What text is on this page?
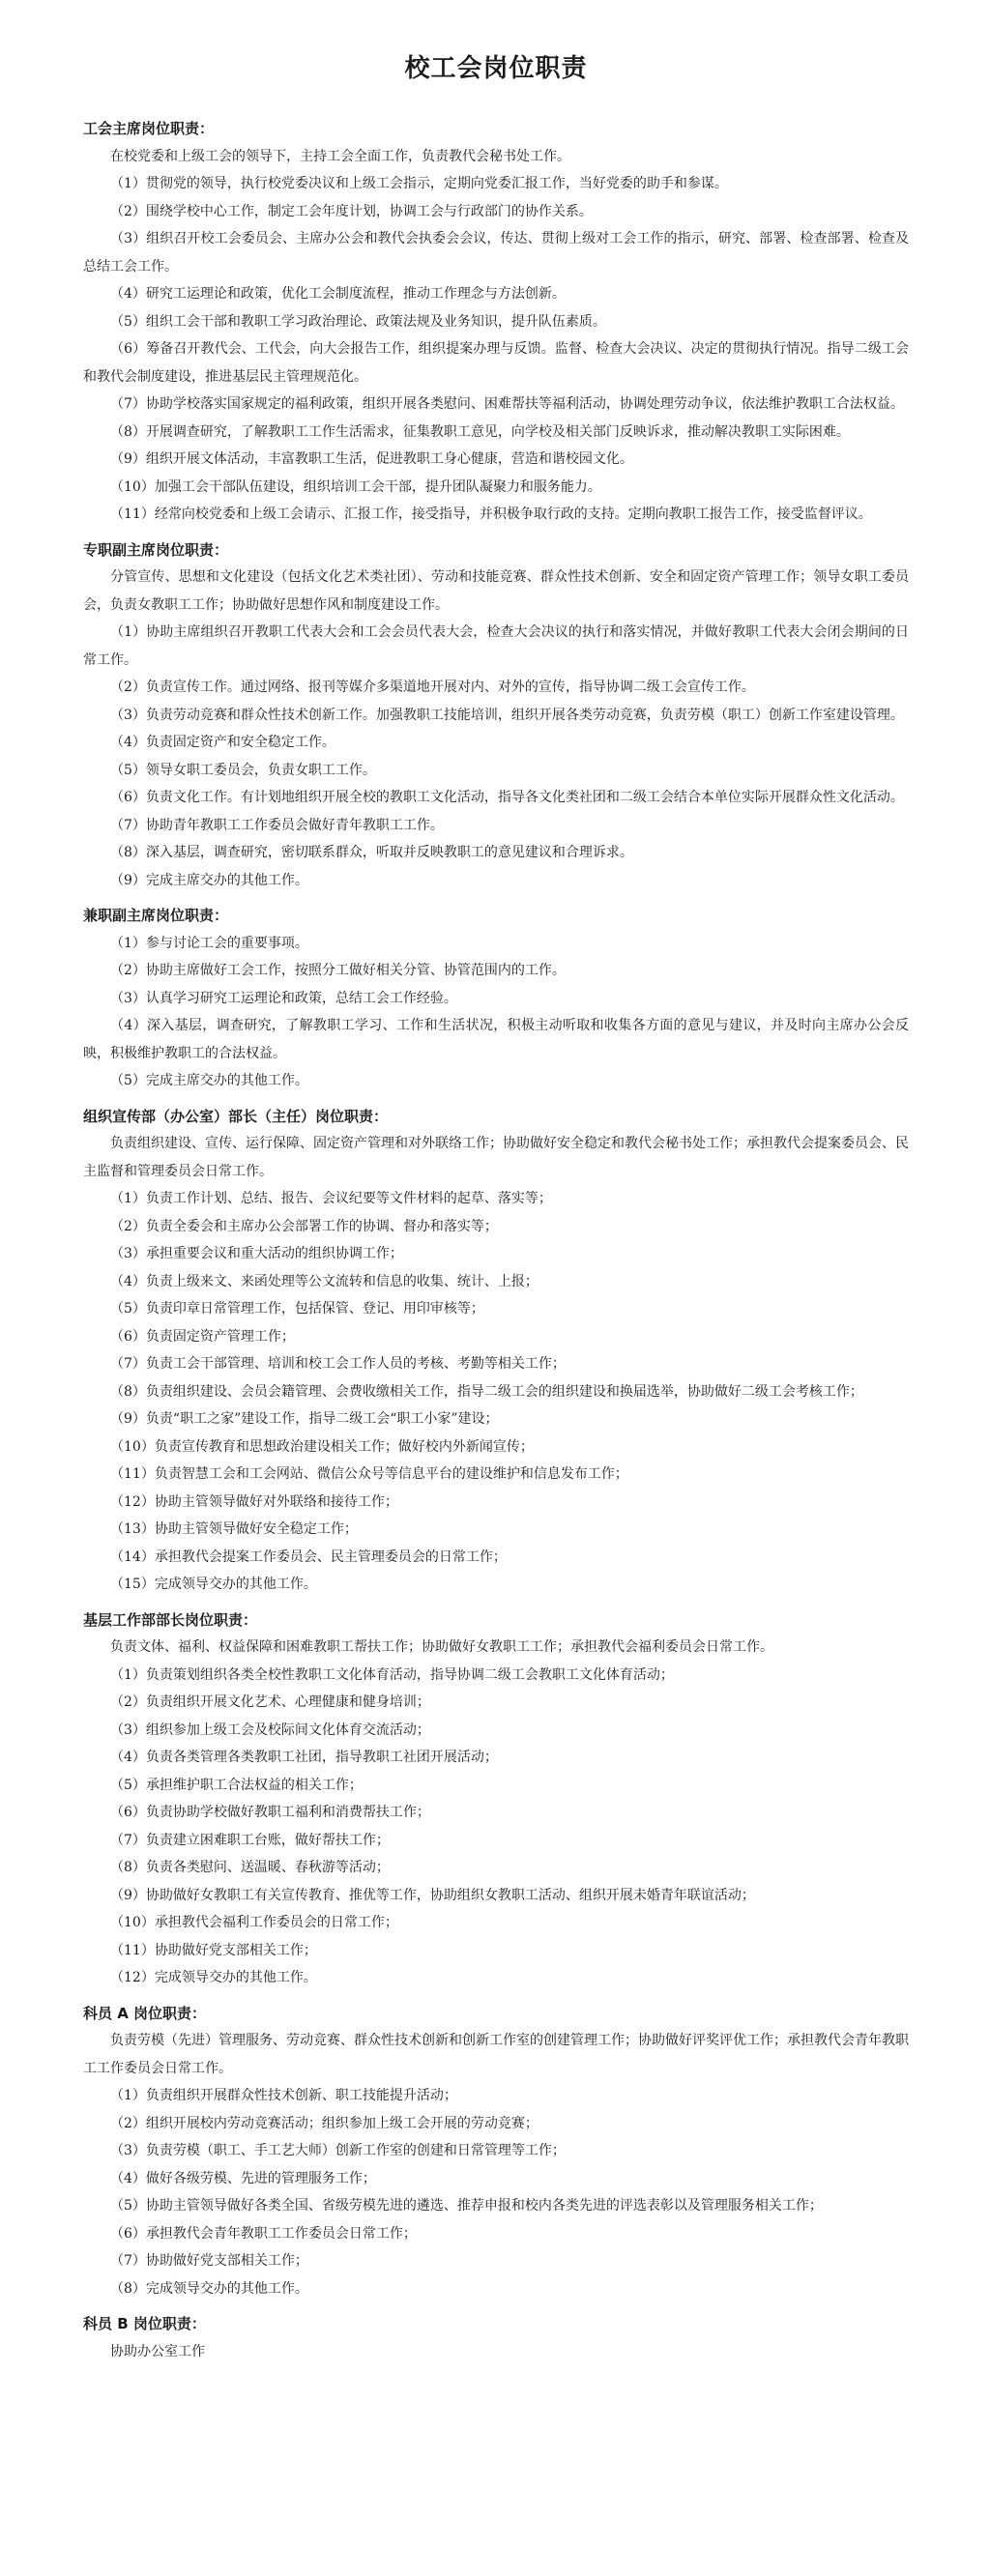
校工会岗位职责
工会主席岗位职责：

在校党委和上级工会的领导下，主持工会全面工作，负责教代会秘书处工作。

（1）贯彻党的领导，执行校党委决议和上级工会指示，定期向党委汇报工作，当好党委的助手和参谋。

（2）围绕学校中心工作，制定工会年度计划，协调工会与行政部门的协作关系。

（3）组织召开校工会委员会、主席办公会和教代会执委会会议，传达、贯彻上级对工会工作的指示，研究、部署、检查部署、检查及总结工会工作。

（4）研究工运理论和政策，优化工会制度流程，推动工作理念与方法创新。

（5）组织工会干部和教职工学习政治理论、政策法规及业务知识，提升队伍素质。

（6）筹备召开教代会、工代会，向大会报告工作，组织提案办理与反馈。监督、检查大会决议、决定的贯彻执行情况。指导二级工会和教代会制度建设，推进基层民主管理规范化。

（7）协助学校落实国家规定的福利政策，组织开展各类慰问、困难帮扶等福利活动，协调处理劳动争议，依法维护教职工合法权益。

（8）开展调查研究，了解教职工工作生活需求，征集教职工意见，向学校及相关部门反映诉求，推动解决教职工实际困难。

（9）组织开展文体活动，丰富教职工生活，促进教职工身心健康，营造和谐校园文化。

（10）加强工会干部队伍建设，组织培训工会干部，提升团队凝聚力和服务能力。

（11）经常向校党委和上级工会请示、汇报工作，接受指导，并积极争取行政的支持。定期向教职工报告工作，接受监督评议。

专职副主席岗位职责：

分管宣传、思想和文化建设（包括文化艺术类社团）、劳动和技能竞赛、群众性技术创新、安全和固定资产管理工作；领导女职工委员会，负责女教职工工作；协助做好思想作风和制度建设工作。

（1）协助主席组织召开教职工代表大会和工会会员代表大会，检查大会决议的执行和落实情况，并做好教职工代表大会闭会期间的日常工作。

（2）负责宣传工作。通过网络、报刊等媒介多渠道地开展对内、对外的宣传，指导协调二级工会宣传工作。

（3）负责劳动竞赛和群众性技术创新工作。加强教职工技能培训，组织开展各类劳动竞赛，负责劳模（职工）创新工作室建设管理。

（4）负责固定资产和安全稳定工作。

（5）领导女职工委员会，负责女职工工作。

（6）负责文化工作。有计划地组织开展全校的教职工文化活动，指导各文化类社团和二级工会结合本单位实际开展群众性文化活动。

（7）协助青年教职工工作委员会做好青年教职工工作。

（8）深入基层，调查研究，密切联系群众，听取并反映教职工的意见建议和合理诉求。

（9）完成主席交办的其他工作。

兼职副主席岗位职责：

（1）参与讨论工会的重要事项。

（2）协助主席做好工会工作，按照分工做好相关分管、协管范围内的工作。

（3）认真学习研究工运理论和政策，总结工会工作经验。

（4）深入基层，调查研究，了解教职工学习、工作和生活状况，积极主动听取和收集各方面的意见与建议，并及时向主席办公会反映，积极维护教职工的合法权益。

（5）完成主席交办的其他工作。

组织宣传部（办公室）部长（主任）岗位职责：

负责组织建设、宣传、运行保障、固定资产管理和对外联络工作；协助做好安全稳定和教代会秘书处工作；承担教代会提案委员会、民主监督和管理委员会日常工作。

（1）负责工作计划、总结、报告、会议纪要等文件材料的起草、落实等；

（2）负责全委会和主席办公会部署工作的协调、督办和落实等；

（3）承担重要会议和重大活动的组织协调工作；

（4）负责上级来文、来函处理等公文流转和信息的收集、统计、上报；

（5）负责印章日常管理工作，包括保管、登记、用印审核等；

（6）负责固定资产管理工作；

（7）负责工会干部管理、培训和校工会工作人员的考核、考勤等相关工作；

（8）负责组织建设、会员会籍管理、会费收缴相关工作，指导二级工会的组织建设和换届选举，协助做好二级工会考核工作；

（9）负责“职工之家”建设工作，指导二级工会“职工小家”建设；

（10）负责宣传教育和思想政治建设相关工作；做好校内外新闻宣传；

（11）负责智慧工会和工会网站、微信公众号等信息平台的建设维护和信息发布工作；

（12）协助主管领导做好对外联络和接待工作；

（13）协助主管领导做好安全稳定工作；

（14）承担教代会提案工作委员会、民主管理委员会的日常工作；

（15）完成领导交办的其他工作。

基层工作部部长岗位职责：

负责文体、福利、权益保障和困难教职工帮扶工作；协助做好女教职工工作；承担教代会福利委员会日常工作。

（1）负责策划组织各类全校性教职工文化体育活动，指导协调二级工会教职工文化体育活动；

（2）负责组织开展文化艺术、心理健康和健身培训；

（3）组织参加上级工会及校际间文化体育交流活动；

（4）负责各类管理各类教职工社团，指导教职工社团开展活动；

（5）承担维护职工合法权益的相关工作；

（6）负责协助学校做好教职工福利和消费帮扶工作；

（7）负责建立困难职工台账，做好帮扶工作；

（8）负责各类慰问、送温暖、春秋游等活动；

（9）协助做好女教职工有关宣传教育、推优等工作，协助组织女教职工活动、组织开展未婚青年联谊活动；

（10）承担教代会福利工作委员会的日常工作；

（11）协助做好党支部相关工作；

（12）完成领导交办的其他工作。

科员 A 岗位职责：

负责劳模（先进）管理服务、劳动竞赛、群众性技术创新和创新工作室的创建管理工作；协助做好评奖评优工作；承担教代会青年教职工工作委员会日常工作。

（1）负责组织开展群众性技术创新、职工技能提升活动；

（2）组织开展校内劳动竞赛活动；组织参加上级工会开展的劳动竞赛；

（3）负责劳模（职工、手工艺大师）创新工作室的创建和日常管理等工作；

（4）做好各级劳模、先进的管理服务工作；

（5）协助主管领导做好各类全国、省级劳模先进的遴选、推荐申报和校内各类先进的评选表彰以及管理服务相关工作；

（6）承担教代会青年教职工工作委员会日常工作；

（7）协助做好党支部相关工作；

（8）完成领导交办的其他工作。

科员 B 岗位职责：

协助办公室工作
